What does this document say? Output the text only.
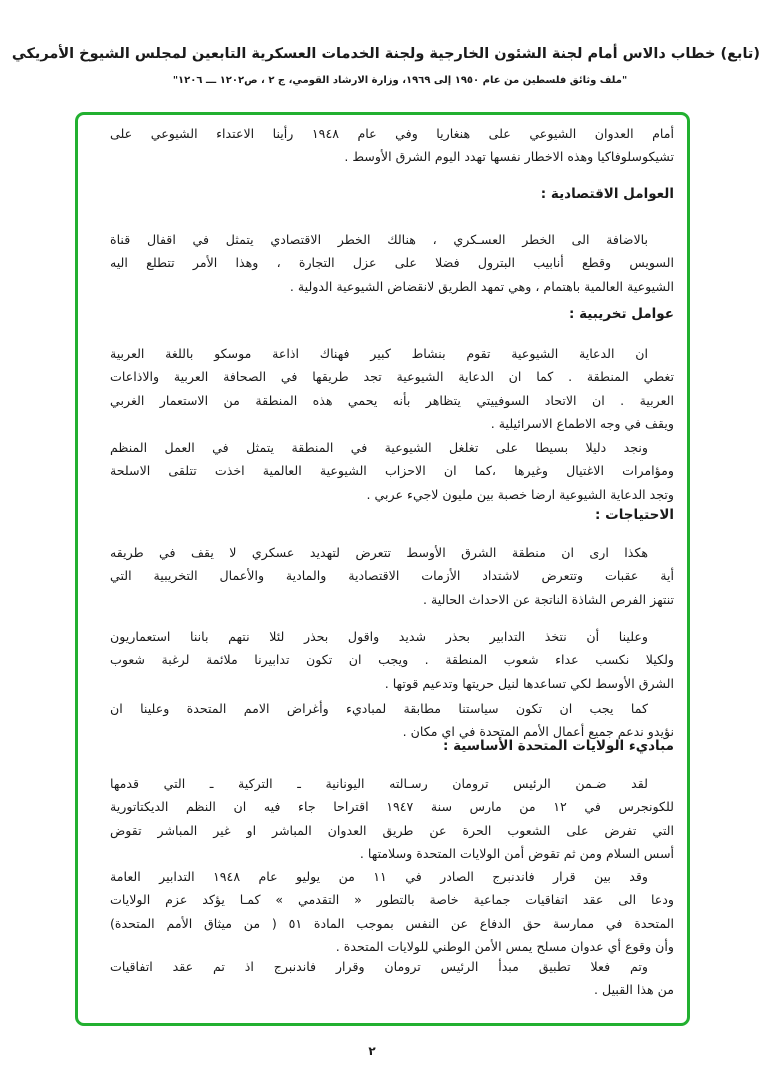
(تابع) خطاب دالاس أمام لجنة الشئون الخارجية ولجنة الخدمات العسكرية التابعين لمجلس الشيوخ الأمريكي
"ملف وثائق فلسطين من عام ١٩٥٠ إلى ١٩٦٩، وزارة الارشاد القومي، ج ٢ ، ص١٢٠٢ ـــ ١٢٠٦"
أمام العدوان الشيوعي على هنغاريا وفي عام ١٩٤٨ رأينا الاعتداء الشيوعي على
تشيكوسلوفاكيا وهذه الاخطار نفسها تهدد اليوم الشرق الأوسط .
العوامل الاقتصادية :
بالاضافة الى الخطر العسـكري ، هنالك الخطر الاقتصادي يتمثل في اقفال قناة
السويس وقطع أنابيب البترول فضلا على عزل التجارة ، وهذا الأمر تتطلع اليه
الشيوعية العالمية باهتمام ، وهي تمهد الطريق لانقضاض الشيوعية الدولية .
عوامل تخريبية :
ان الدعاية الشيوعية تقوم بنشاط كبير فهناك اذاعة موسكو باللغة العربية
تغطي المنطقة . كما ان الدعاية الشيوعية تجد طريقها في الصحافة العربية والاذاعات
العربية . ان الاتحاد السوفييتي يتظاهر بأنه يحمي هذه المنطقة من الاستعمار الغربي
ويقف في وجه الاطماع الاسرائيلية .
ونجد دليلا بسيطا على تغلغل الشيوعية في المنطقة يتمثل في العمل المنظم
ومؤامرات الاغتيال وغيرها ،كما ان الاحزاب الشيوعية العالمية اخذت تتلقى الاسلحة
وتجد الدعاية الشيوعية ارضا خصبة بين مليون لاجيء عربي .
الاحتياجات :
هكذا ارى ان منطقة الشرق الأوسط تتعرض لتهديد عسكري لا يقف في طريقه
أية عقبات وتتعرض لاشتداد الأزمات الاقتصادية والمادية والأعمال التخريبية التي
تنتهز الفرص الشاذة الناتجة عن الاحداث الحالية .
وعلينا أن نتخذ التدابير بحذر شديد واقول بحذر لئلا نتهم باننا استعماريون
ولكيلا نكسب عداء شعوب المنطقة . ويجب ان تكون تدابيرنا ملائمة لرغبة شعوب
الشرق الأوسط لكي تساعدها لنيل حريتها وتدعيم قوتها .
كما يجب ان تكون سياستنا مطابقة لمباديء وأغراض الامم المتحدة وعلينا ان
نؤيدو ندعم جميع أعمال الأمم المتحدة في اي مكان .
مباديء الولايات المتحدة الأساسية :
لقد ضـمن الرئيس ترومان رسـالته اليونانية ـ التركية ـ التي قدمها
للكونجرس في ١٢ من مارس سنة ١٩٤٧ اقتراحا جاء فيه ان النظم الديكتاتورية
التي تفرض على الشعوب الحرة عن طريق العدوان المباشر او غير المباشر تقوض
أسس السلام ومن ثم تقوض أمن الولايات المتحدة وسلامتها .
وقد بين قرار فاندنبرج الصادر في ١١ من يوليو عام ١٩٤٨ التدابير العامة
ودعا الى عقد اتفاقيات جماعية خاصة بالتطور « التقدمي » كمـا يؤكد عزم الولايات
المتحدة في ممارسة حق الدفاع عن النفس بموجب المادة ٥١ ( من ميثاق الأمم المتحدة)
وأن وقوع أي عدوان مسلح يمس الأمن الوطني للولايات المتحدة .
وتم فعلا تطبيق مبدأ الرئيس ترومان وقرار فاندنبرج اذ تم عقد اتفاقيات
من هذا القبيل .
٢
